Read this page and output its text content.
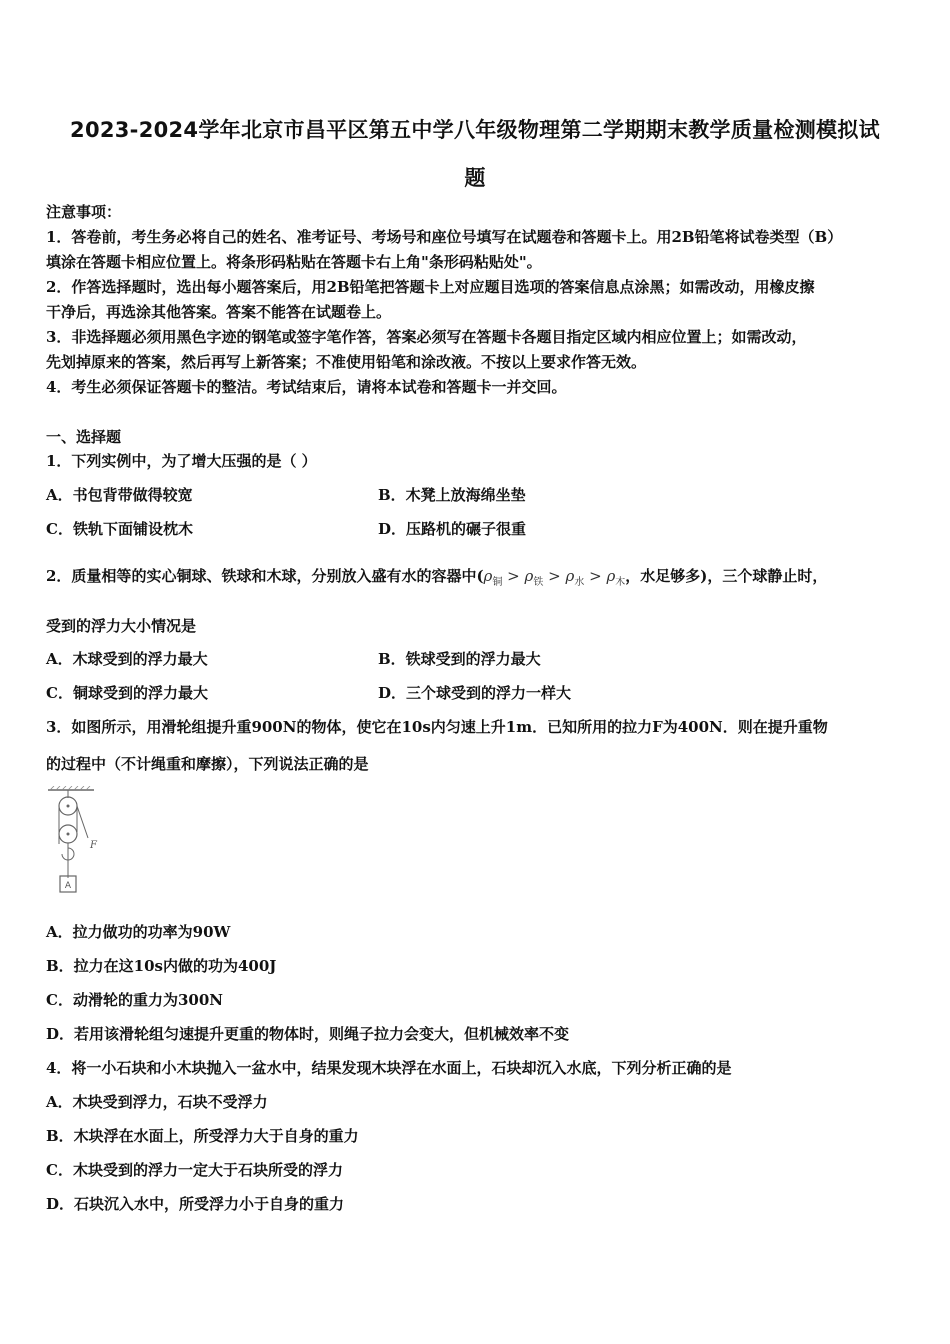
2023-2024学年北京市昌平区第五中学八年级物理第二学期期末教学质量检测模拟试
题
注意事项：
1．答卷前，考生务必将自己的姓名、准考证号、考场号和座位号填写在试题卷和答题卡上。用2B铅笔将试卷类型（B）
填涂在答题卡相应位置上。将条形码粘贴在答题卡右上角"条形码粘贴处"。
2．作答选择题时，选出每小题答案后，用2B铅笔把答题卡上对应题目选项的答案信息点涂黑；如需改动，用橡皮擦
干净后，再选涂其他答案。答案不能答在试题卷上。
3．非选择题必须用黑色字迹的钢笔或签字笔作答，答案必须写在答题卡各题目指定区域内相应位置上；如需改动，
先划掉原来的答案，然后再写上新答案；不准使用铅笔和涂改液。不按以上要求作答无效。
4．考生必须保证答题卡的整洁。考试结束后，请将本试卷和答题卡一并交回。
一、选择题
1．下列实例中，为了增大压强的是（ ）
A．书包背带做得较宽	B．木凳上放海绵坐垫
C．铁轨下面铺设枕木	D．压路机的碾子很重
2．质量相等的实心铜球、铁球和木球，分别放入盛有水的容器中($\rho_铜 > \rho_铁 > \rho_水 > \rho_木$，水足够多)，三个球静止时，
受到的浮力大小情况是
A．木球受到的浮力最大	B．铁球受到的浮力最大
C．铜球受到的浮力最大	D．三个球受到的浮力一样大
3．如图所示，用滑轮组提升重900N的物体，使它在10s内匀速上升1m．已知所用的拉力F为400N．则在提升重物
的过程中（不计绳重和摩擦），下列说法正确的是
A
F
A．拉力做功的功率为90W
B．拉力在这10s内做的功为400J
C．动滑轮的重力为300N
D．若用该滑轮组匀速提升更重的物体时，则绳子拉力会变大，但机械效率不变
4．将一小石块和小木块抛入一盆水中，结果发现木块浮在水面上，石块却沉入水底，下列分析正确的是
A．木块受到浮力，石块不受浮力
B．木块浮在水面上，所受浮力大于自身的重力
C．木块受到的浮力一定大于石块所受的浮力
D．石块沉入水中，所受浮力小于自身的重力
